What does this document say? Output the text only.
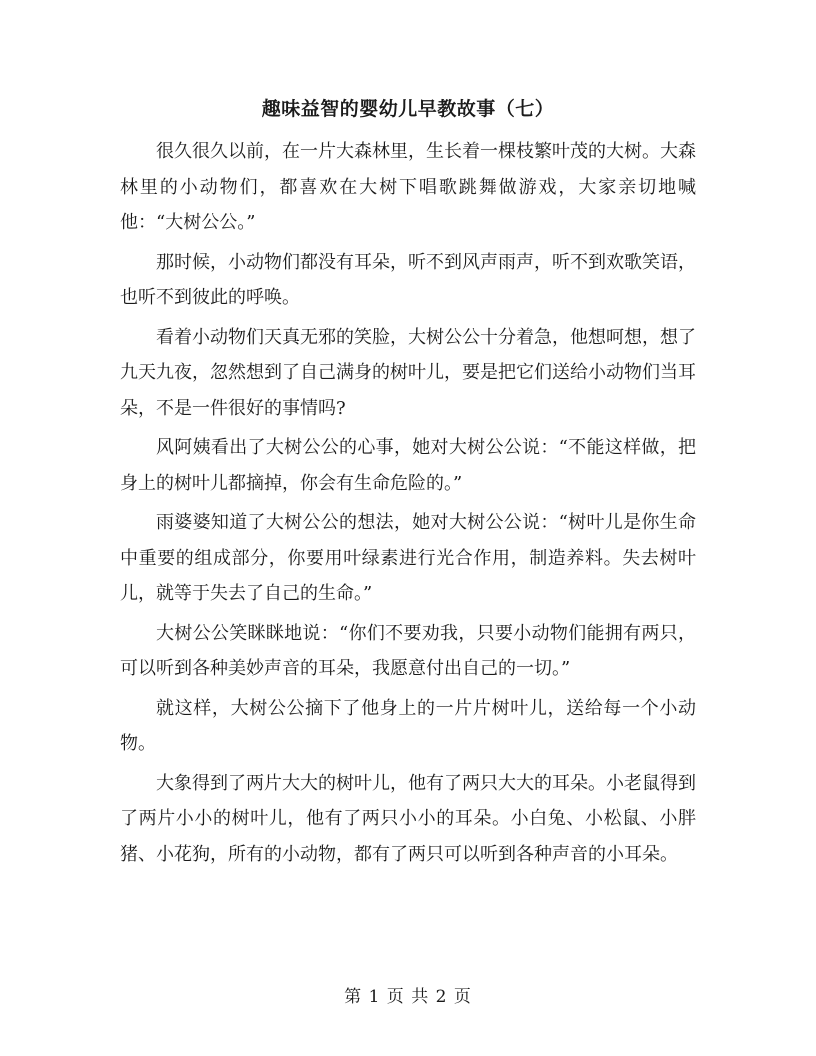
趣味益智的婴幼儿早教故事（七）

很久很久以前，在一片大森林里，生长着一棵枝繁叶茂的大树。大森林里的小动物们，都喜欢在大树下唱歌跳舞做游戏，大家亲切地喊他：“大树公公。”

那时候，小动物们都没有耳朵，听不到风声雨声，听不到欢歌笑语，也听不到彼此的呼唤。

看着小动物们天真无邪的笑脸，大树公公十分着急，他想呵想，想了九天九夜，忽然想到了自己满身的树叶儿，要是把它们送给小动物们当耳朵，不是一件很好的事情吗?

风阿姨看出了大树公公的心事，她对大树公公说：“不能这样做，把身上的树叶儿都摘掉，你会有生命危险的。”

雨婆婆知道了大树公公的想法，她对大树公公说：“树叶儿是你生命中重要的组成部分，你要用叶绿素进行光合作用，制造养料。失去树叶儿，就等于失去了自己的生命。”

大树公公笑眯眯地说：“你们不要劝我，只要小动物们能拥有两只，可以听到各种美妙声音的耳朵，我愿意付出自己的一切。”

就这样，大树公公摘下了他身上的一片片树叶儿，送给每一个小动物。

大象得到了两片大大的树叶儿，他有了两只大大的耳朵。小老鼠得到了两片小小的树叶儿，他有了两只小小的耳朵。小白兔、小松鼠、小胖猪、小花狗，所有的小动物，都有了两只可以听到各种声音的小耳朵。

第 1 页 共 2 页
